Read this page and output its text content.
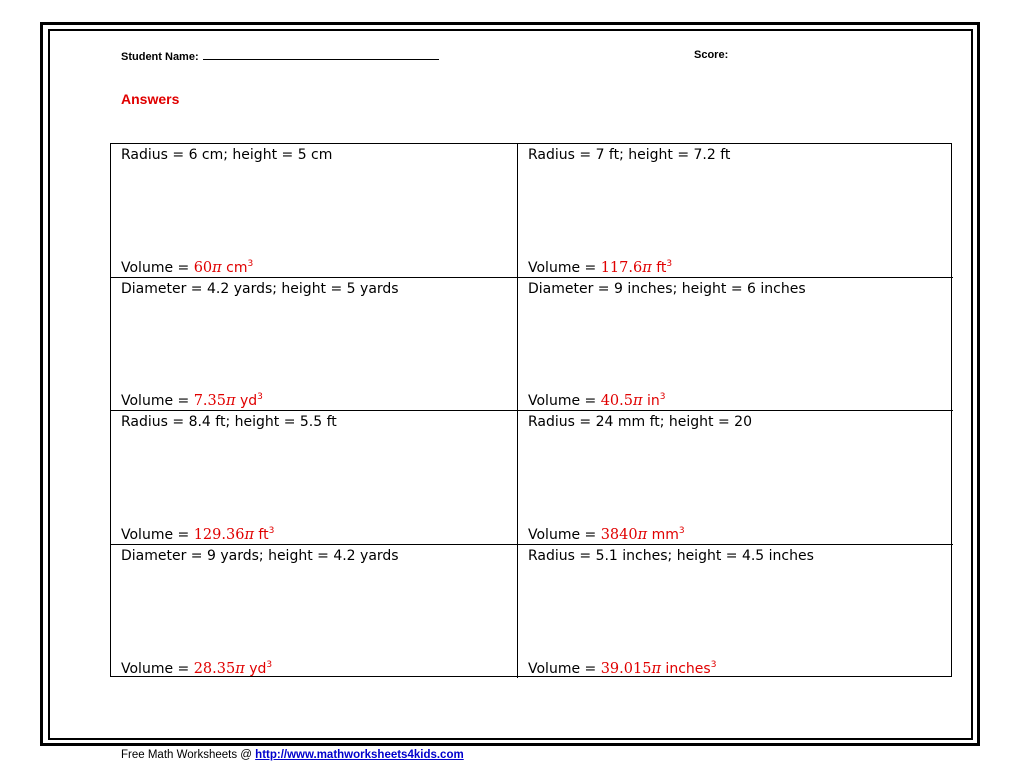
Student Name:	Score:
Answers
Radius = 6 cm; height = 5 cm
Volume = 60π $cm^3$
Radius = 7 ft; height = 7.2 ft
Volume = 117.6π $ft^3$
Diameter = 4.2 yards; height = 5 yards
Volume = 7.35π $yd^3$
Diameter = 9 inches; height = 6 inches
Volume = 40.5π $in^3$
Radius = 8.4 ft; height = 5.5 ft
Volume = 129.36π $ft^3$
Radius = 24 mm ft; height = 20
Volume = 3840π $mm^3$
Diameter = 9 yards; height = 4.2 yards
Volume = 28.35π $yd^3$
Radius = 5.1 inches; height = 4.5 inches
Volume = 39.015π inches$^3$
Free Math Worksheets @ http://www.mathworksheets4kids.com
